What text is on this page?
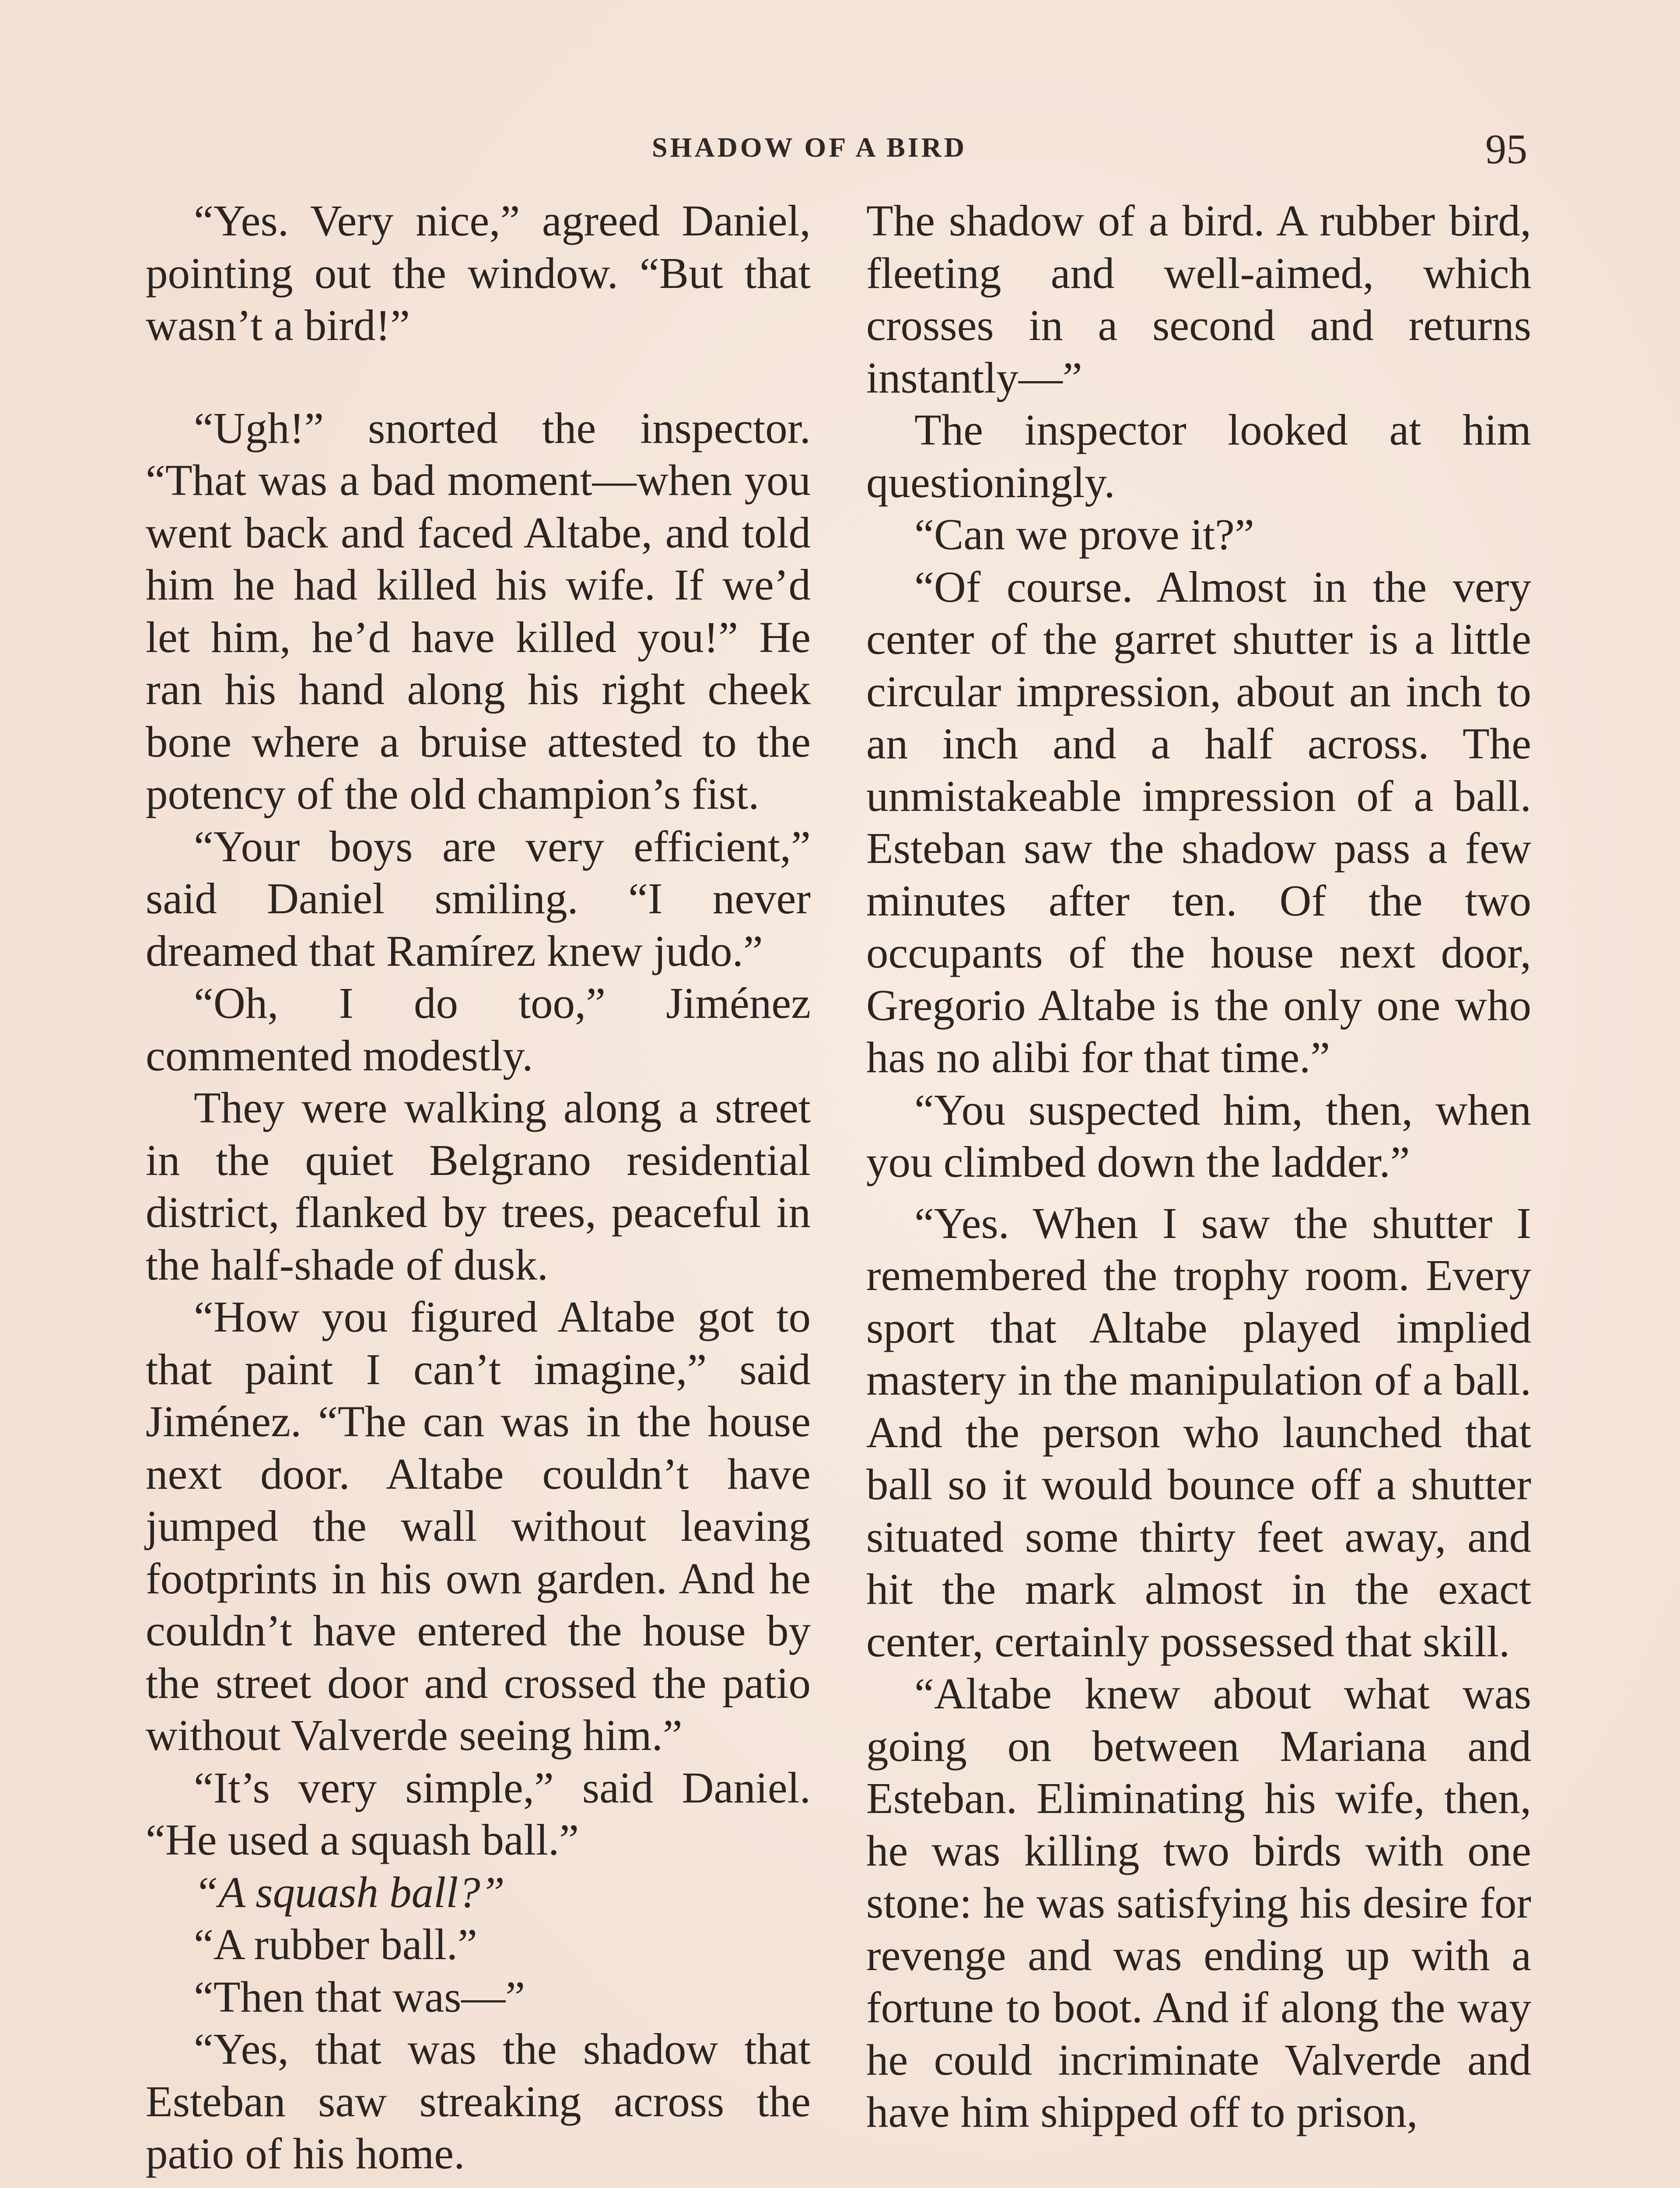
SHADOW OF A BIRD	95

“Yes. Very nice,” agreed Daniel, pointing out the window. “But that wasn’t a bird!”

“Ugh!” snorted the inspector. “That was a bad moment—when you went back and faced Altabe, and told him he had killed his wife. If we’d let him, he’d have killed you!” He ran his hand along his right cheek bone where a bruise attested to the potency of the old champion’s fist.

“Your boys are very efficient,” said Daniel smiling. “I never dreamed that Ramírez knew judo.”

“Oh, I do too,” Jiménez commented modestly.

They were walking along a street in the quiet Belgrano residential district, flanked by trees, peaceful in the half-shade of dusk.

“How you figured Altabe got to that paint I can’t imagine,” said Jiménez. “The can was in the house next door. Altabe couldn’t have jumped the wall without leaving footprints in his own garden. And he couldn’t have entered the house by the street door and crossed the patio without Valverde seeing him.”

“It’s very simple,” said Daniel. “He used a squash ball.”

“A squash ball?”

“A rubber ball.”

“Then that was—”

“Yes, that was the shadow that Esteban saw streaking across the patio of his home.

The shadow of a bird. A rubber bird, fleeting and well-aimed, which crosses in a second and returns instantly—”

The inspector looked at him questioningly.

“Can we prove it?”

“Of course. Almost in the very center of the garret shutter is a little circular impression, about an inch to an inch and a half across. The unmistakeable impression of a ball. Esteban saw the shadow pass a few minutes after ten. Of the two occupants of the house next door, Gregorio Altabe is the only one who has no alibi for that time.”

“You suspected him, then, when you climbed down the ladder.”

“Yes. When I saw the shutter I remembered the trophy room. Every sport that Altabe played implied mastery in the manipulation of a ball. And the person who launched that ball so it would bounce off a shutter situated some thirty feet away, and hit the mark almost in the exact center, certainly possessed that skill.

“Altabe knew about what was going on between Mariana and Esteban. Eliminating his wife, then, he was killing two birds with one stone: he was satisfying his desire for revenge and was ending up with a fortune to boot. And if along the way he could incriminate Valverde and have him shipped off to prison,
